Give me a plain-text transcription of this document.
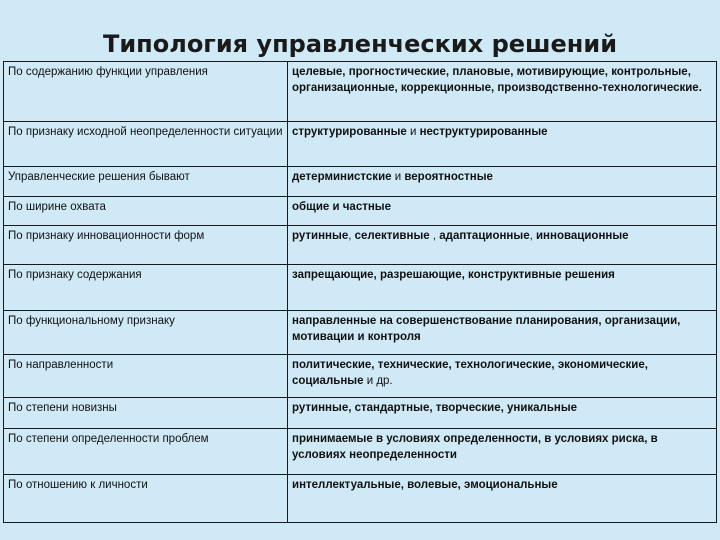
Типология управленческих решений
По содержанию функции управления	целевые, прогностические, плановые, мотивирующие, контрольные, организационные, коррекционные, производственно-технологические.
По признаку исходной неопределенности ситуации	структурированные и неструктурированные
Управленческие решения бывают	детерминистские и вероятностные
По ширине охвата	общие и частные
По признаку инновационности форм	рутинные, селективные , адаптационные, инновационные
По признаку содержания	запрещающие, разрешающие, конструктивные решения
По функциональному признаку	направленные на совершенствование планирования, организации, мотивации и контроля
По направленности	политические, технические, технологические, экономические, социальные и др.
По степени новизны	рутинные, стандартные, творческие, уникальные
По степени определенности проблем	принимаемые в условиях определенности, в условиях риска, в условиях неопределенности
По отношению к личности	интеллектуальные, волевые, эмоциональные
